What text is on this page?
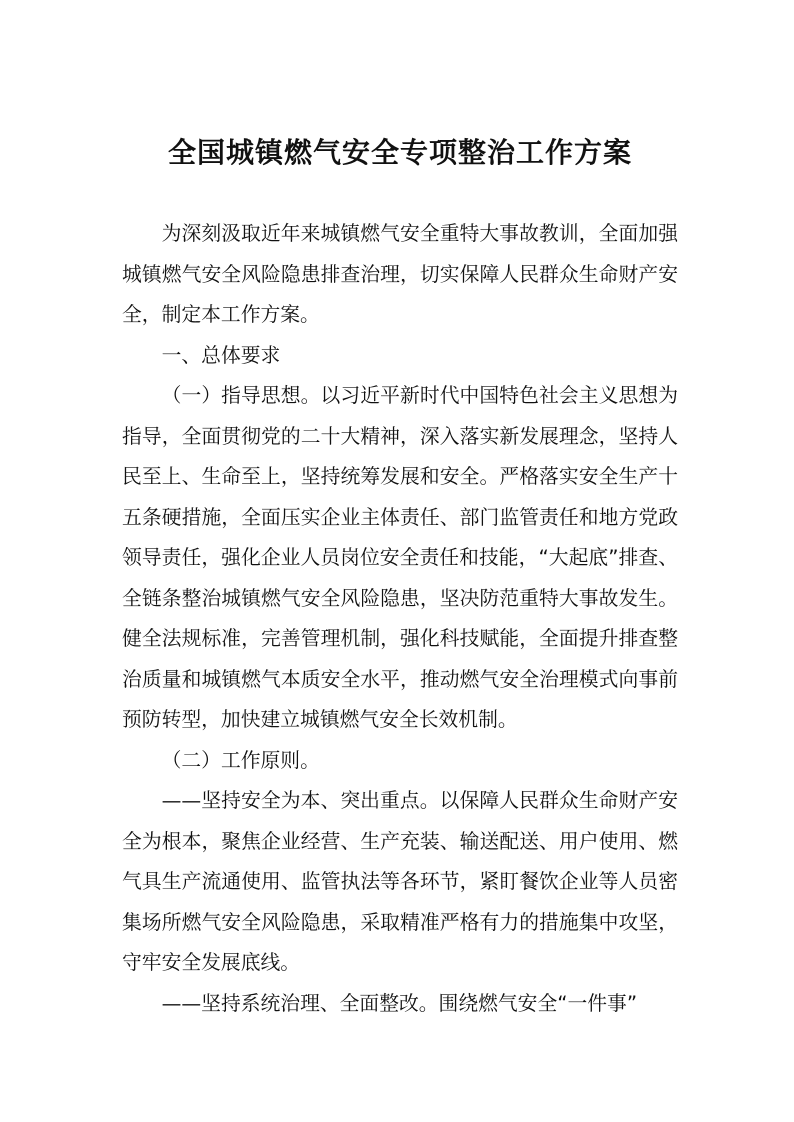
全国城镇燃气安全专项整治工作方案

为深刻汲取近年来城镇燃气安全重特大事故教训，全面加强城镇燃气安全风险隐患排查治理，切实保障人民群众生命财产安全，制定本工作方案。

一、总体要求

（一）指导思想。以习近平新时代中国特色社会主义思想为指导，全面贯彻党的二十大精神，深入落实新发展理念，坚持人民至上、生命至上，坚持统筹发展和安全。严格落实安全生产十五条硬措施，全面压实企业主体责任、部门监管责任和地方党政领导责任，强化企业人员岗位安全责任和技能，“大起底”排查、全链条整治城镇燃气安全风险隐患，坚决防范重特大事故发生。健全法规标准，完善管理机制，强化科技赋能，全面提升排查整治质量和城镇燃气本质安全水平，推动燃气安全治理模式向事前预防转型，加快建立城镇燃气安全长效机制。

（二）工作原则。

——坚持安全为本、突出重点。以保障人民群众生命财产安全为根本，聚焦企业经营、生产充装、输送配送、用户使用、燃气具生产流通使用、监管执法等各环节，紧盯餐饮企业等人员密集场所燃气安全风险隐患，采取精准严格有力的措施集中攻坚，守牢安全发展底线。

——坚持系统治理、全面整改。围绕燃气安全“一件事”
